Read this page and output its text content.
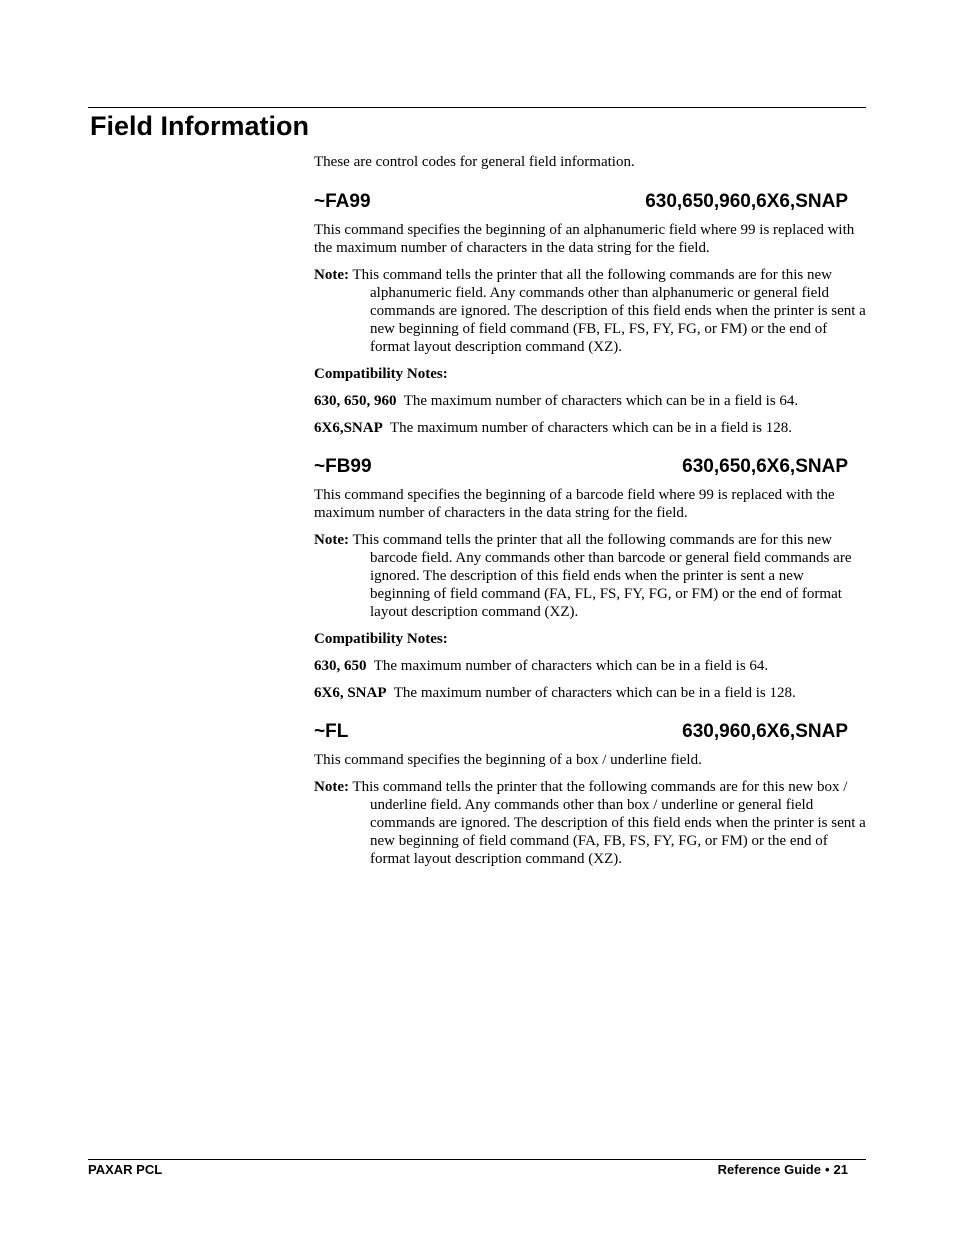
Field Information

These are control codes for general field information.

~FA99	630,650,960,6X6,SNAP

This command specifies the beginning of an alphanumeric field where 99 is replaced with the maximum number of characters in the data string for the field.

Note: This command tells the printer that all the following commands are for this new alphanumeric field. Any commands other than alphanumeric or general field commands are ignored. The description of this field ends when the printer is sent a new beginning of field command (FB, FL, FS, FY, FG, or FM) or the end of format layout description command (XZ).

Compatibility Notes:

630, 650, 960 The maximum number of characters which can be in a field is 64.

6X6,SNAP The maximum number of characters which can be in a field is 128.

~FB99	630,650,6X6,SNAP

This command specifies the beginning of a barcode field where 99 is replaced with the maximum number of characters in the data string for the field.

Note: This command tells the printer that all the following commands are for this new barcode field. Any commands other than barcode or general field commands are ignored. The description of this field ends when the printer is sent a new beginning of field command (FA, FL, FS, FY, FG, or FM) or the end of format layout description command (XZ).

Compatibility Notes:

630, 650 The maximum number of characters which can be in a field is 64.

6X6, SNAP The maximum number of characters which can be in a field is 128.

~FL	630,960,6X6,SNAP

This command specifies the beginning of a box / underline field.

Note: This command tells the printer that the following commands are for this new box / underline field. Any commands other than box / underline or general field commands are ignored. The description of this field ends when the printer is sent a new beginning of field command (FA, FB, FS, FY, FG, or FM) or the end of format layout description command (XZ).

PAXAR PCL	Reference Guide • 21
